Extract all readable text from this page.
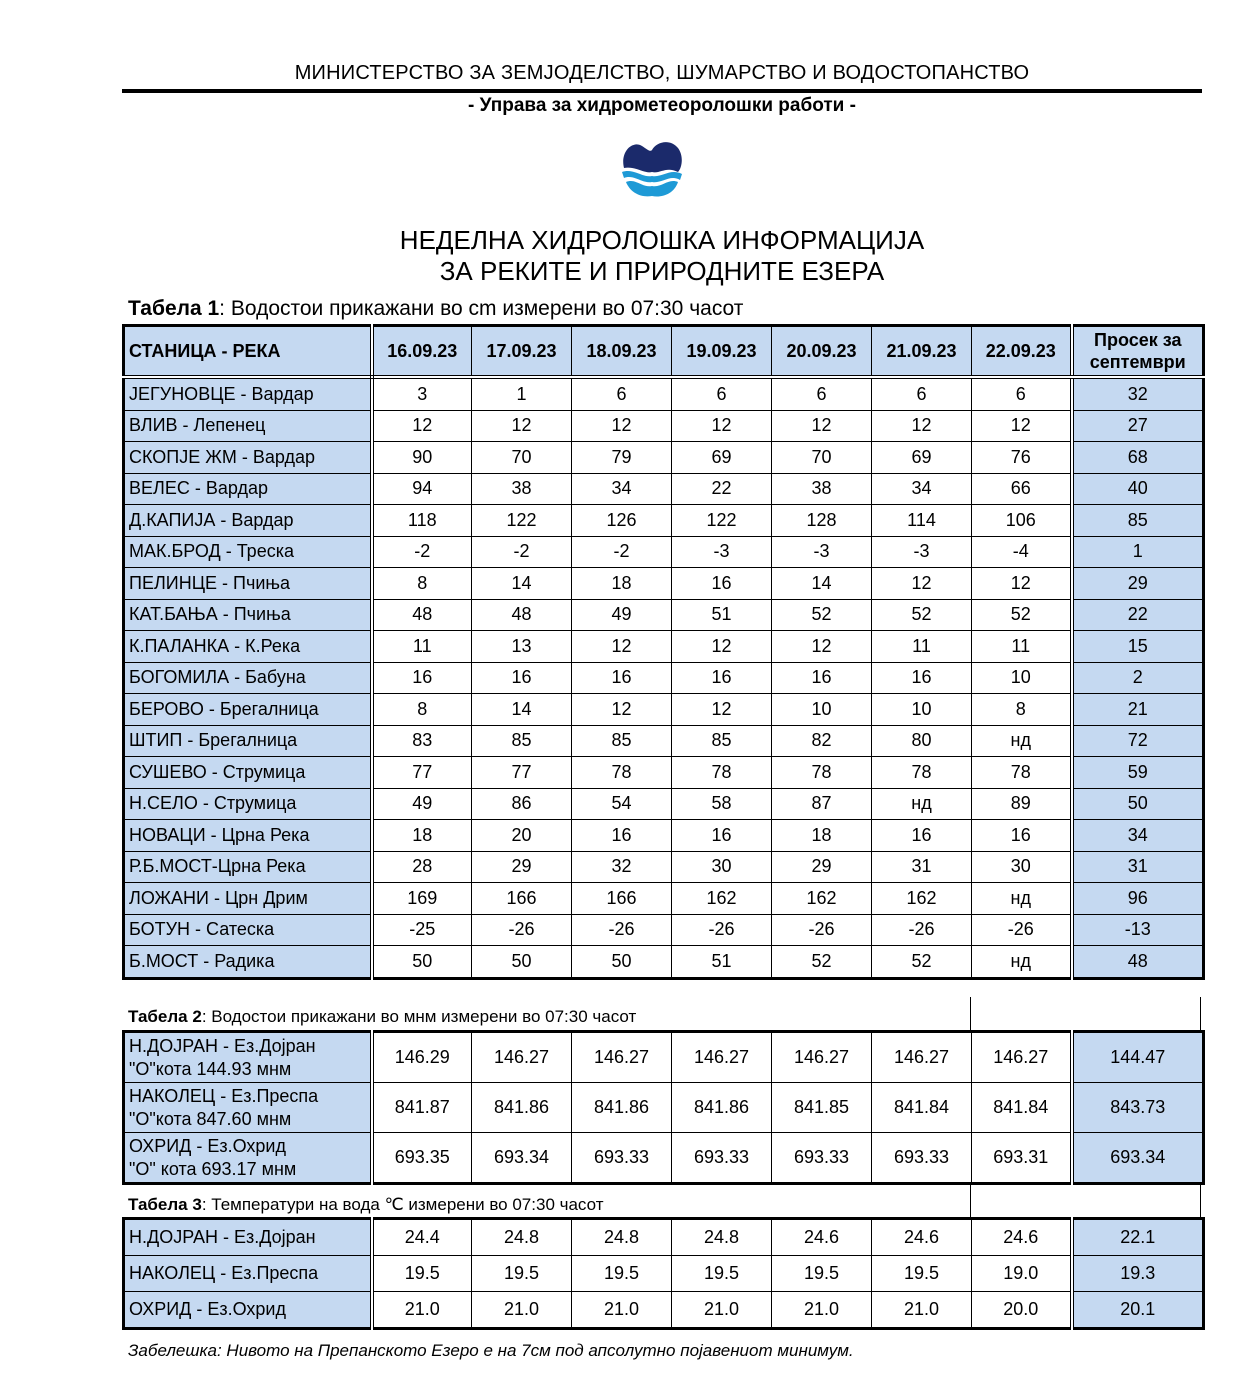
МИНИСТЕРСТВО ЗА ЗЕМЈОДЕЛСТВО, ШУМАРСТВО И ВОДОСТОПАНСТВО
- Управа за хидрометеоролошки работи -
НЕДЕЛНА ХИДРОЛОШКА ИНФОРМАЦИЈА
ЗА РЕКИТЕ И ПРИРОДНИТЕ ЕЗЕРА
Табела 1: Водостои прикажани во cm измерени во 07:30 часот
СТАНИЦА - РЕКА	16.09.23	17.09.23	18.09.23	19.09.23	20.09.23	21.09.23	22.09.23	Просек за
септември

ЈЕГУНОВЦЕ - Вардар	3	1	6	6	6	6	6	32
ВЛИВ - Лепенец	12	12	12	12	12	12	12	27
СКОПЈЕ ЖМ - Вардар	90	70	79	69	70	69	76	68
ВЕЛЕС - Вардар	94	38	34	22	38	34	66	40
Д.КАПИЈА - Вардар	118	122	126	122	128	114	106	85
МАК.БРОД - Треска	-2	-2	-2	-3	-3	-3	-4	1
ПЕЛИНЦЕ - Пчиња	8	14	18	16	14	12	12	29
КАТ.БАЊА - Пчиња	48	48	49	51	52	52	52	22
К.ПАЛАНКА - К.Река	11	13	12	12	12	11	11	15
БОГОМИЛА - Бабуна	16	16	16	16	16	16	10	2
БЕРОВО - Брегалница	8	14	12	12	10	10	8	21
ШТИП - Брегалница	83	85	85	85	82	80	нд	72
СУШЕВО - Струмица	77	77	78	78	78	78	78	59
Н.СЕЛО - Струмица	49	86	54	58	87	нд	89	50
НОВАЦИ - Црна Река	18	20	16	16	18	16	16	34
Р.Б.МОСТ-Црна Река	28	29	32	30	29	31	30	31
ЛОЖАНИ - Црн Дрим	169	166	166	162	162	162	нд	96
БОТУН - Сатеска	-25	-26	-26	-26	-26	-26	-26	-13
Б.МОСТ - Радика	50	50	50	51	52	52	нд	48
Табела 2: Водостои прикажани во мнм измерени во 07:30 часот
Н.ДОЈРАН - Ез.Дојран
"О"кота 144.93 мнм	146.29	146.27	146.27	146.27	146.27	146.27	146.27	144.47

НАКОЛЕЦ - Ез.Преспа
"О"кота 847.60 мнм	841.87	841.86	841.86	841.86	841.85	841.84	841.84	843.73

ОХРИД - Ез.Охрид
"О" кота 693.17 мнм	693.35	693.34	693.33	693.33	693.33	693.33	693.31	693.34
Табела 3: Температури на вода ℃ измерени во 07:30 часот
Н.ДОЈРАН - Ез.Дојран	24.4	24.8	24.8	24.8	24.6	24.6	24.6	22.1
НАКОЛЕЦ - Ез.Преспа	19.5	19.5	19.5	19.5	19.5	19.5	19.0	19.3
ОХРИД - Ез.Охрид	21.0	21.0	21.0	21.0	21.0	21.0	20.0	20.1
Забелешка: Нивото на Препанското Езеро е на 7см под апсолутно појавениот минимум.
